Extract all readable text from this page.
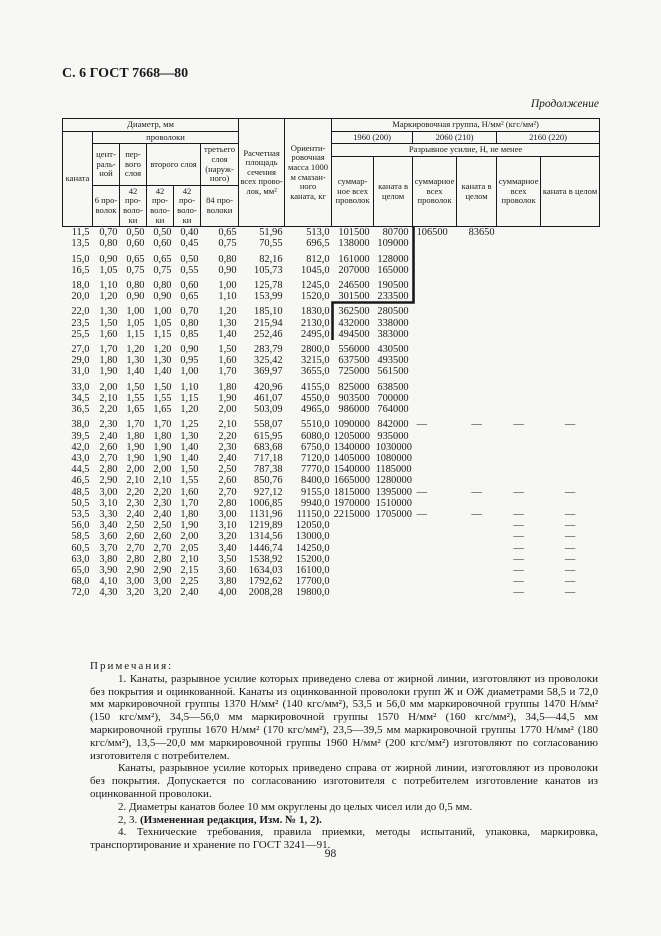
С. 6 ГОСТ 7668—80
Продолжение
Диаметр, мм						Расчетная площадь сечения всех проволок, мм²	Ориентировочная масса 1000 м смазанного каната, кг	Маркировочная группа, Н/мм² (кгс/мм²)					
каната	проволоки							1960 (200)		2060 (210)		2160 (220)	
	центральной	первого слоя	второго слоя		третьего слоя (наружного)			Разрывное усилие, Н, не менее					
								суммарное всех проволок	каната в целом	суммарное всех проволок	каната в целом	суммарное всех проволок	каната в целом
	6 проволок	42 проволоки	42 проволоки	42 проволоки	84 проволоки								
11,5	0,70	0,50	0,50	0,40	0,65	51,96	513,0	101500	80700	106500	83650		
13,5	0,80	0,60	0,60	0,45	0,75	70,55	696,5	138000	109000				
15,0	0,90	0,65	0,65	0,50	0,80	82,16	812,0	161000	128000				
16,5	1,05	0,75	0,75	0,55	0,90	105,73	1045,0	207000	165000				
18,0	1,10	0,80	0,80	0,60	1,00	125,78	1245,0	246500	190500				
20,0	1,20	0,90	0,90	0,65	1,10	153,99	1520,0	301500	233500				
22,0	1,30	1,00	1,00	0,70	1,20	185,10	1830,0	362500	280500				
23,5	1,50	1,05	1,05	0,80	1,30	215,94	2130,0	432000	338000				
25,5	1,60	1,15	1,15	0,85	1,40	252,46	2495,0	494500	383000				
27,0	1,70	1,20	1,20	0,90	1,50	283,79	2800,0	556000	430500				
29,0	1,80	1,30	1,30	0,95	1,60	325,42	3215,0	637500	493500				
31,0	1,90	1,40	1,40	1,00	1,70	369,97	3655,0	725000	561500				
33,0	2,00	1,50	1,50	1,10	1,80	420,96	4155,0	825000	638500				
34,5	2,10	1,55	1,55	1,15	1,90	461,07	4550,0	903500	700000				
36,5	2,20	1,65	1,65	1,20	2,00	503,09	4965,0	986000	764000				
38,0	2,30	1,70	1,70	1,25	2,10	558,07	5510,0	1090000	842000	—	—	—	—
39,5	2,40	1,80	1,80	1,30	2,20	615,95	6080,0	1205000	935000				
42,0	2,60	1,90	1,90	1,40	2,30	683,68	6750,0	1340000	1030000				
43,0	2,70	1,90	1,90	1,40	2,40	717,18	7120,0	1405000	1080000				
44,5	2,80	2,00	2,00	1,50	2,50	787,38	7770,0	1540000	1185000				
46,5	2,90	2,10	2,10	1,55	2,60	850,76	8400,0	1665000	1280000				
48,5	3,00	2,20	2,20	1,60	2,70	927,12	9155,0	1815000	1395000	—	—	—	—
50,5	3,10	2,30	2,30	1,70	2,80	1006,85	9940,0	1970000	1510000				
53,5	3,30	2,40	2,40	1,80	3,00	1131,96	11150,0	2215000	1705000	—	—	—	—
56,0	3,40	2,50	2,50	1,90	3,10	1219,89	12050,0					—	—
58,5	3,60	2,60	2,60	2,00	3,20	1314,56	13000,0					—	—
60,5	3,70	2,70	2,70	2,05	3,40	1446,74	14250,0					—	—
63,0	3,80	2,80	2,80	2,10	3,50	1538,92	15200,0					—	—
65,0	3,90	2,90	2,90	2,15	3,60	1634,03	16100,0					—	—
68,0	4,10	3,00	3,00	2,25	3,80	1792,62	17700,0					—	—
72,0	4,30	3,20	3,20	2,40	4,00	2008,28	19800,0					—	—

Примечания:

1. Канаты, разрывное усилие которых приведено слева от жирной линии, изготовляют из проволоки без покрытия и оцинкованной. Канаты из оцинкованной проволоки групп Ж и ОЖ диаметрами 58,5 и 72,0 мм маркировочной группы 1370 Н/мм² (140 кгс/мм²), 53,5 и 56,0 мм маркировочной группы 1470 Н/мм² (150 кгс/мм²), 34,5—56,0 мм маркировочной группы 1570 Н/мм² (160 кгс/мм²), 34,5—44,5 мм маркировочной группы 1670 Н/мм² (170 кгс/мм²), 23,5—39,5 мм маркировочной группы 1770 Н/мм² (180 кгс/мм²), 13,5—20,0 мм маркировочной группы 1960 Н/мм² (200 кгс/мм²) изготовляют по согласованию изготовителя с потребителем.

Канаты, разрывное усилие которых приведено справа от жирной линии, изготовляют из проволоки без покрытия. Допускается по согласованию изготовителя с потребителем изготовление канатов из оцинкованной проволоки.

2. Диаметры канатов более 10 мм округлены до целых чисел или до 0,5 мм.

2, 3. (Измененная редакция, Изм. № 1, 2).

4. Технические требования, правила приемки, методы испытаний, упаковка, маркировка, транспортирование и хранение по ГОСТ 3241—91.

98
